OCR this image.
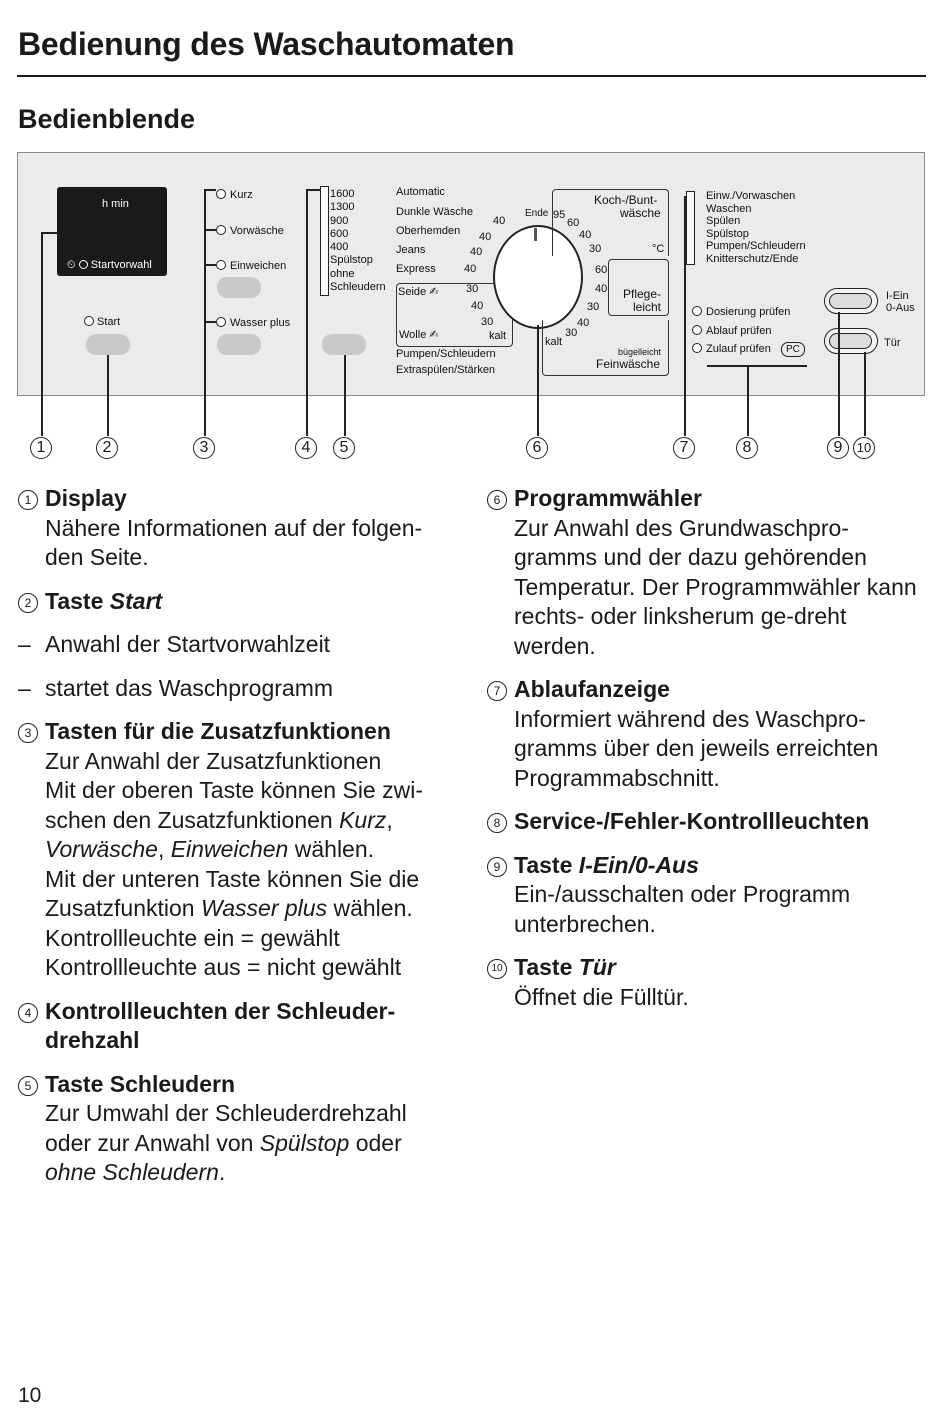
Bedienung des Waschautomaten
Bedienblende
h min
⏲ Startvorwahl
Start
Kurz
Vorwäsche
Einweichen
Wasser plus
1600
1300
900
600
400
Spülstop
ohne
Schleudern
Automatic
Dunkle Wäsche
Oberhemden
Jeans
Express
Seide ✍
Wolle ✍
Pumpen/Schleudern
Extraspülen/Stärken
40
40
40
40
30
40
30
kalt
Ende 95
60
40
30
60
40
30
40
30
kalt
Koch-/Bunt-
wäsche
°C
Pflege-
leicht
bügelleicht
Feinwäsche
Einw./Vorwaschen
Waschen
Spülen
Spülstop
Pumpen/Schleudern
Knitterschutz/Ende
Dosierung prüfen
Ablauf prüfen
Zulauf prüfen	PC
I-Ein
0-Aus
Tür
1	2	3	4	5	6	7	8	9	10
1 Display
Nähere Informationen auf der folgen-den Seite.
2 Taste Start
– Anwahl der Startvorwahlzeit
– startet das Waschprogramm
3 Tasten für die Zusatzfunktionen
Zur Anwahl der Zusatzfunktionen
Mit der oberen Taste können Sie zwi-schen den Zusatzfunktionen Kurz, Vorwäsche, Einweichen wählen.
Mit der unteren Taste können Sie die Zusatzfunktion Wasser plus wählen.
Kontrollleuchte ein = gewählt
Kontrollleuchte aus = nicht gewählt
4 Kontrollleuchten der Schleuder-drehzahl
5 Taste Schleudern
Zur Umwahl der Schleuderdrehzahl oder zur Anwahl von Spülstop oder ohne Schleudern.
6 Programmwähler
Zur Anwahl des Grundwaschpro-gramms und der dazu gehörenden Temperatur. Der Programmwähler kann rechts- oder linksherum ge-dreht werden.
7 Ablaufanzeige
Informiert während des Waschpro-gramms über den jeweils erreichten Programmabschnitt.
8 Service-/Fehler-Kontrollleuchten
9 Taste I-Ein/0-Aus
Ein-/ausschalten oder Programm unterbrechen.
10 Taste Tür
Öffnet die Fülltür.
10
